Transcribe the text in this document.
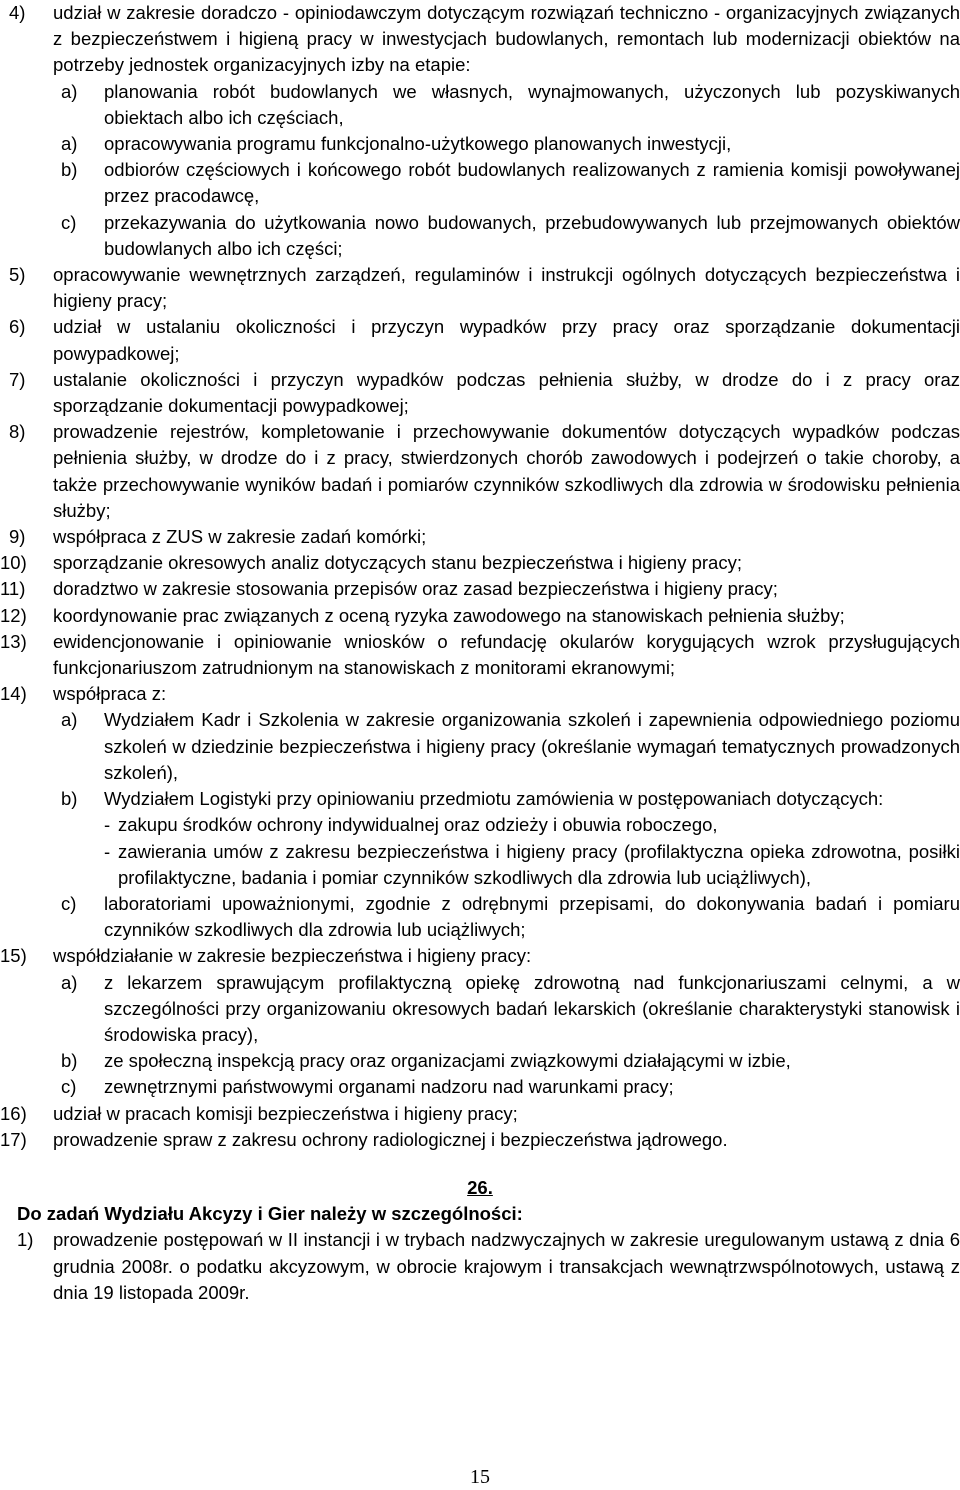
4)	udział w zakresie doradczo - opiniodawczym dotyczącym rozwiązań techniczno - organizacyjnych związanych z bezpieczeństwem i higieną pracy w inwestycjach budowlanych, remontach lub modernizacji obiektów na potrzeby jednostek organizacyjnych izby na etapie:
a) planowania robót budowlanych we własnych, wynajmowanych, użyczonych lub pozyskiwanych obiektach albo ich częściach,
a) opracowywania programu funkcjonalno-użytkowego planowanych inwestycji,
b) odbiorów częściowych i końcowego robót budowlanych realizowanych z ramienia komisji powoływanej przez pracodawcę,
c) przekazywania do użytkowania nowo budowanych, przebudowywanych lub przejmowanych obiektów budowlanych albo ich części;
5)	opracowywanie wewnętrznych zarządzeń, regulaminów i instrukcji ogólnych dotyczących bezpieczeństwa i higieny pracy;
6)	udział w ustalaniu okoliczności i przyczyn wypadków przy pracy oraz sporządzanie dokumentacji powypadkowej;
7)	ustalanie okoliczności i przyczyn wypadków podczas pełnienia służby, w drodze do i z pracy oraz sporządzanie dokumentacji powypadkowej;
8)	prowadzenie rejestrów, kompletowanie i przechowywanie dokumentów dotyczących wypadków podczas pełnienia służby, w drodze do i z pracy, stwierdzonych chorób zawodowych i podejrzeń o takie choroby, a także przechowywanie wyników badań i pomiarów czynników szkodliwych dla zdrowia w środowisku pełnienia służby;
9)	współpraca z ZUS w zakresie zadań komórki;
10)	sporządzanie okresowych analiz dotyczących stanu bezpieczeństwa i higieny pracy;
11)	doradztwo w zakresie stosowania przepisów oraz zasad bezpieczeństwa i higieny pracy;
12)	koordynowanie prac związanych z oceną ryzyka zawodowego na stanowiskach pełnienia służby;
13)	ewidencjonowanie i opiniowanie wniosków o refundację okularów korygujących wzrok przysługujących funkcjonariuszom zatrudnionym na stanowiskach z monitorami ekranowymi;
14)	współpraca z:
a) Wydziałem Kadr i Szkolenia w zakresie organizowania szkoleń i zapewnienia odpowiedniego poziomu szkoleń w dziedzinie bezpieczeństwa i higieny pracy (określanie wymagań tematycznych prowadzonych szkoleń),
b) Wydziałem Logistyki przy opiniowaniu przedmiotu zamówienia w postępowaniach dotyczących:
- zakupu środków ochrony indywidualnej oraz odzieży i obuwia roboczego,
- zawierania umów z zakresu bezpieczeństwa i higieny pracy (profilaktyczna opieka zdrowotna, posiłki profilaktyczne, badania i pomiar czynników szkodliwych dla zdrowia lub uciążliwych),
c) laboratoriami upoważnionymi, zgodnie z odrębnymi przepisami, do dokonywania badań i pomiaru czynników szkodliwych dla zdrowia lub uciążliwych;
15)	współdziałanie w zakresie bezpieczeństwa i higieny pracy:
a) z lekarzem sprawującym profilaktyczną opiekę zdrowotną nad funkcjonariuszami celnymi, a w szczególności przy organizowaniu okresowych badań lekarskich (określanie charakterystyki stanowisk i środowiska pracy),
b) ze społeczną inspekcją pracy oraz organizacjami związkowymi działającymi w izbie,
c) zewnętrznymi państwowymi organami nadzoru nad warunkami pracy;
16)	udział w pracach komisji bezpieczeństwa i higieny pracy;
17)	prowadzenie spraw z zakresu ochrony radiologicznej i bezpieczeństwa jądrowego.
26.
Do zadań Wydziału Akcyzy i Gier należy w szczególności:
1) prowadzenie postępowań w II instancji i w trybach nadzwyczajnych w zakresie uregulowanym ustawą z dnia 6 grudnia 2008r. o podatku akcyzowym, w obrocie krajowym i transakcjach wewnątrzwspólnotowych, ustawą z dnia 19 listopada 2009r.
15
